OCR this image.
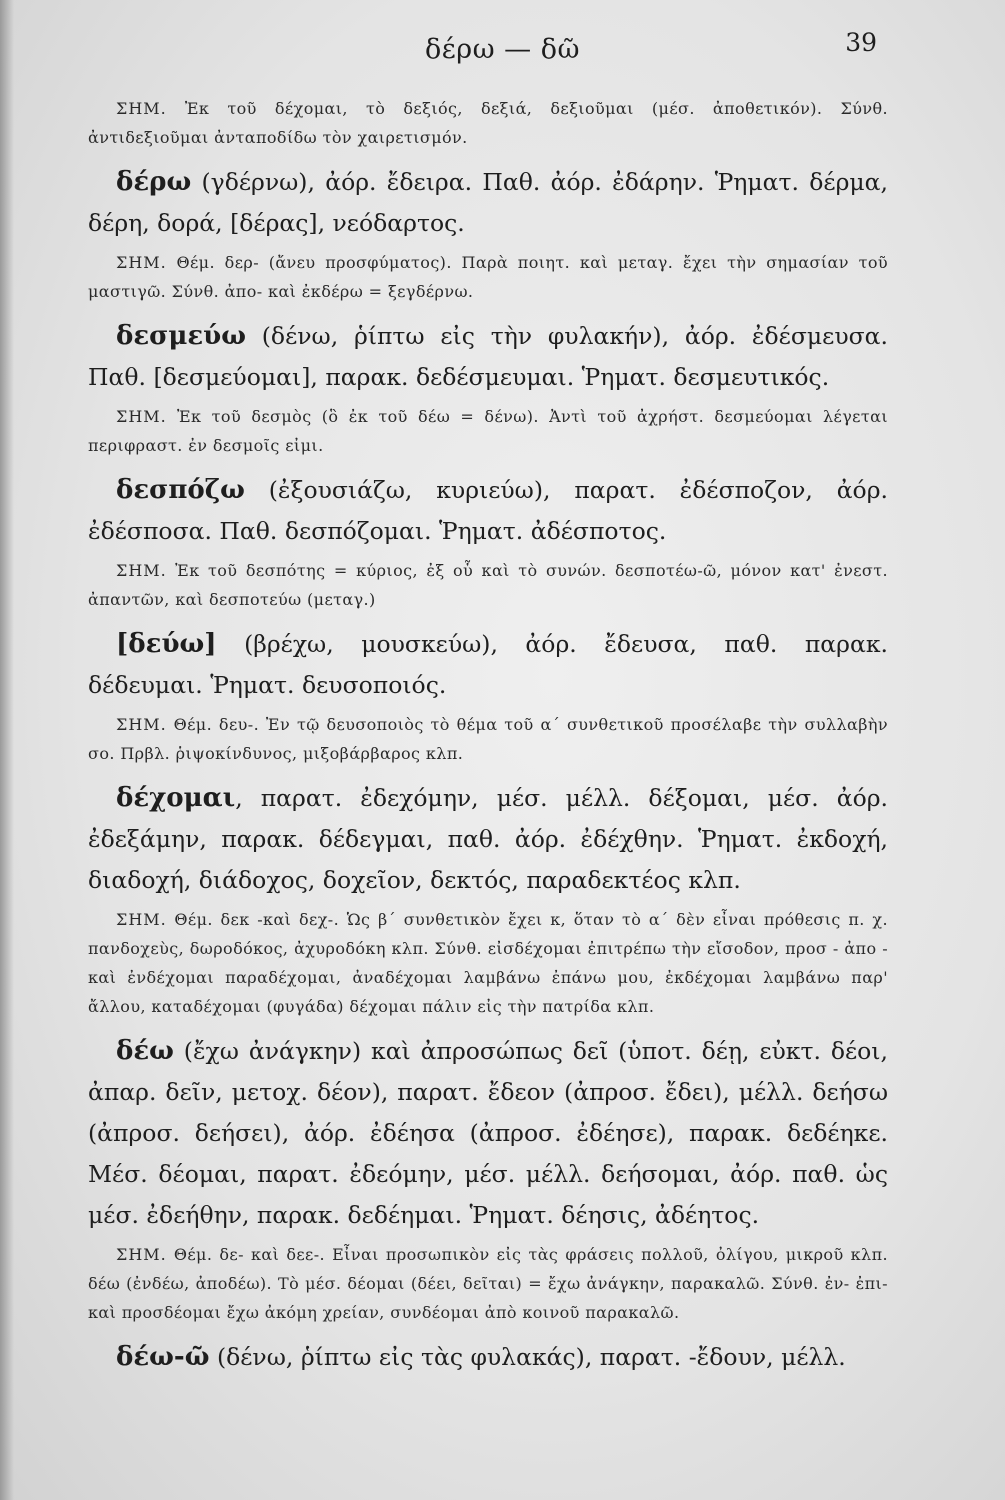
δέρω — δῶ	39

ΣΗΜ. Ἐκ τοῦ δέχομαι, τὸ δεξιός, δεξιά, δεξιοῦμαι (μέσ. ἀποθετικόν). Σύνθ. ἀντιδεξιοῦμαι ἀνταποδίδω τὸν χαιρετισμόν.

δέρω (γδέρνω), ἀόρ. ἔδειρα. Παθ. ἀόρ. ἐδάρην. Ῥηματ. δέρμα, δέρη, δορά, [δέρας], νεόδαρτος.

ΣΗΜ. Θέμ. δερ- (ἄνευ προσφύματος). Παρὰ ποιητ. καὶ μεταγ. ἔχει τὴν σημασίαν τοῦ μαστιγῶ. Σύνθ. ἀπο- καὶ ἐκδέρω = ξεγδέρνω.

δεσμεύω (δένω, ῥίπτω εἰς τὴν φυλακήν), ἀόρ. ἐδέσμευσα. Παθ. [δεσμεύομαι], παρακ. δεδέσμευμαι. Ῥηματ. δεσμευτικός.

ΣΗΜ. Ἐκ τοῦ δεσμὸς (ὃ ἐκ τοῦ δέω = δένω). Ἀντὶ τοῦ ἀχρήστ. δεσμεύομαι λέγεται περιφραστ. ἐν δεσμοῖς εἰμι.

δεσπόζω (ἐξουσιάζω, κυριεύω), παρατ. ἐδέσποζον, ἀόρ. ἐδέσποσα. Παθ. δεσπόζομαι. Ῥηματ. ἀδέσποτος.

ΣΗΜ. Ἐκ τοῦ δεσπότης = κύριος, ἐξ οὗ καὶ τὸ συνών. δεσποτέω-ῶ, μόνον κατ' ἐνεστ. ἀπαντῶν, καὶ δεσποτεύω (μεταγ.)

[δεύω] (βρέχω, μουσκεύω), ἀόρ. ἔδευσα, παθ. παρακ. δέδευμαι. Ῥηματ. δευσοποιός.

ΣΗΜ. Θέμ. δευ-. Ἐν τῷ δευσοποιὸς τὸ θέμα τοῦ α΄ συνθετικοῦ προσέλαβε τὴν συλλαβὴν σο. Πρβλ. ῥιψοκίνδυνος, μιξοβάρβαρος κλπ.

δέχομαι, παρατ. ἐδεχόμην, μέσ. μέλλ. δέξομαι, μέσ. ἀόρ. ἐδεξάμην, παρακ. δέδεγμαι, παθ. ἀόρ. ἐδέχθην. Ῥηματ. ἐκδοχή, διαδοχή, διάδοχος, δοχεῖον, δεκτός, παραδεκτέος κλπ.

ΣΗΜ. Θέμ. δεκ -καὶ δεχ-. Ὡς β΄ συνθετικὸν ἔχει κ, ὅταν τὸ α΄ δὲν εἶναι πρόθεσις π. χ. πανδοχεὺς, δωροδόκος, ἀχυροδόκη κλπ. Σύνθ. εἰσδέχομαι ἐπιτρέπω τὴν εἴσοδον, προσ - ἀπο - καὶ ἐνδέχομαι παραδέχομαι, ἀναδέχομαι λαμβάνω ἐπάνω μου, ἐκδέχομαι λαμβάνω παρ' ἄλλου, καταδέχομαι (φυγάδα) δέχομαι πάλιν εἰς τὴν πατρίδα κλπ.

δέω (ἔχω ἀνάγκην) καὶ ἀπροσώπως δεῖ (ὑποτ. δέῃ, εὐκτ. δέοι, ἀπαρ. δεῖν, μετοχ. δέον), παρατ. ἔδεον (ἀπροσ. ἔδει), μέλλ. δεήσω (ἀπροσ. δεήσει), ἀόρ. ἐδέησα (ἀπροσ. ἐδέησε), παρακ. δεδέηκε. Μέσ. δέομαι, παρατ. ἐδεόμην, μέσ. μέλλ. δεήσομαι, ἀόρ. παθ. ὡς μέσ. ἐδεήθην, παρακ. δεδέημαι. Ῥηματ. δέησις, ἀδέητος.

ΣΗΜ. Θέμ. δε- καὶ δεε-. Εἶναι προσωπικὸν εἰς τὰς φράσεις πολλοῦ, ὀλίγου, μικροῦ κλπ. δέω (ἐνδέω, ἀποδέω). Τὸ μέσ. δέομαι (δέει, δεῖται) = ἔχω ἀνάγκην, παρακαλῶ. Σύνθ. ἐν- ἐπι- καὶ προσδέομαι ἔχω ἀκόμη χρείαν, συνδέομαι ἀπὸ κοινοῦ παρακαλῶ.

δέω-ῶ (δένω, ῥίπτω εἰς τὰς φυλακάς), παρατ. -ἔδουν, μέλλ.
